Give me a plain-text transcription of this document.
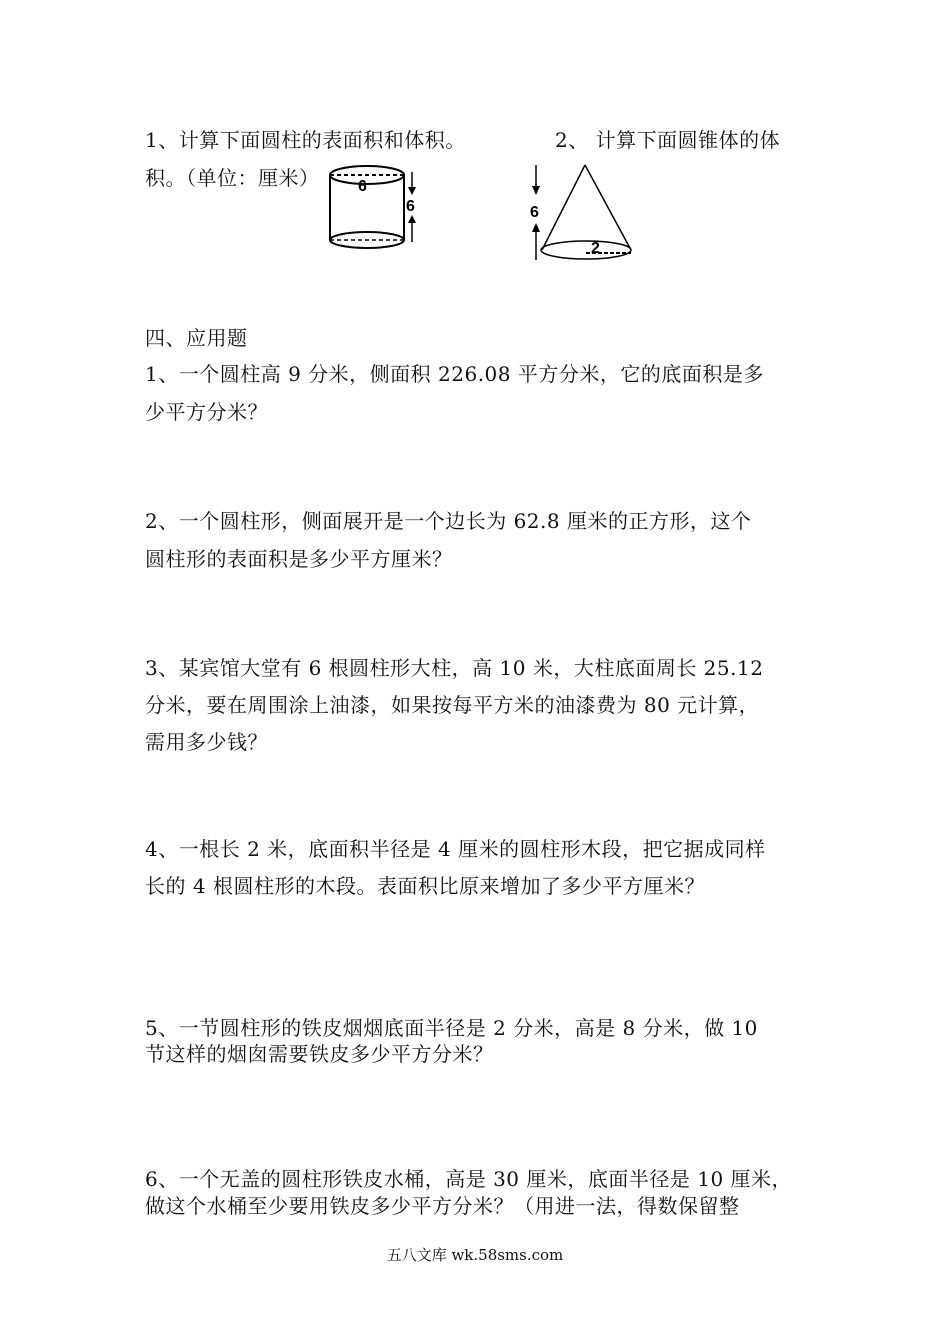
1、计算下面圆柱的表面积和体积。	2、 计算下面圆锥体的体
积。（单位：厘米） 6
6
2
6
四、应用题
1、一个圆柱高 9 分米，侧面积 226.08 平方分米，它的底面积是多
少平方分米？
2、一个圆柱形，侧面展开是一个边长为 62.8 厘米的正方形，这个
圆柱形的表面积是多少平方厘米？
3、某宾馆大堂有 6 根圆柱形大柱，高 10 米，大柱底面周长 25.12
分米，要在周围涂上油漆，如果按每平方米的油漆费为 80 元计算，
需用多少钱？
4、一根长 2 米，底面积半径是 4 厘米的圆柱形木段，把它据成同样
长的 4 根圆柱形的木段。表面积比原来增加了多少平方厘米？
5、一节圆柱形的铁皮烟烟底面半径是 2 分米，高是 8 分米，做 10
节这样的烟囱需要铁皮多少平方分米？
6、一个无盖的圆柱形铁皮水桶，高是 30 厘米，底面半径是 10 厘米，
做这个水桶至少要用铁皮多少平方分米？（用进一法，得数保留整
五八文库 wk.58sms.com
